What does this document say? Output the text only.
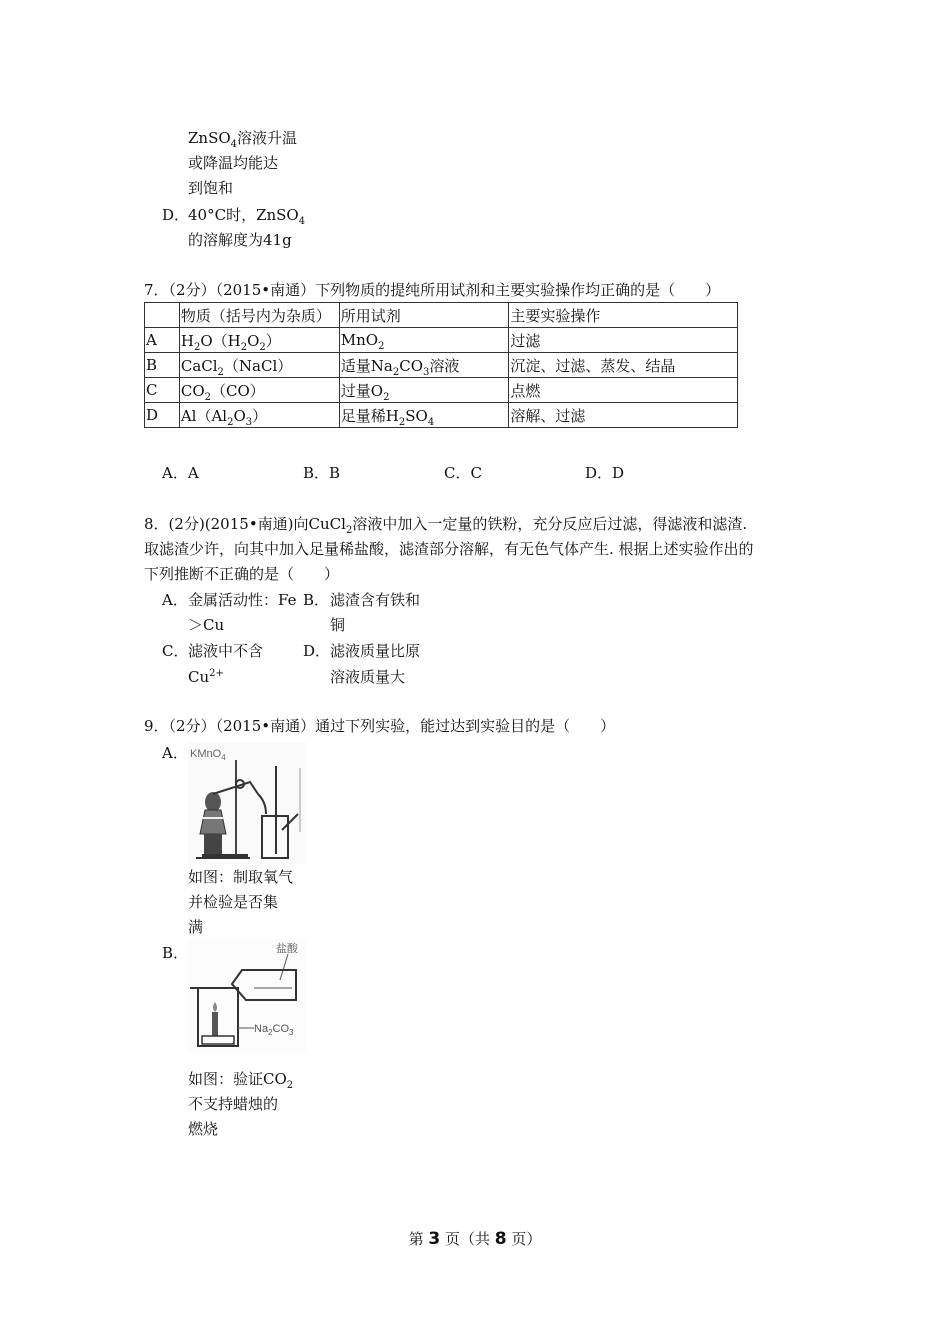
ZnSO$_4$溶液升温
或降温均能达
到饱和
D．
40°C时，ZnSO$_4$
的溶解度为41g
7．（2分）（2015•南通）下列物质的提纯所用试剂和主要实验操作均正确的是（　　）
	物质（括号内为杂质）	所用试剂	主要实验操作
A	$H_2O(H_2O_2)$	MnO$_2$	过滤
B	CaCl$_2$（NaCl）	适量$Na_2CO_3$溶液	沉淀、过滤、蒸发、结晶
C	$CO_2(CO)$	过量$O_2$	点燃
D	$Al(Al_2O_3)$	足量稀$H_2SO_4$	溶解、过滤
A．A	B．B	C．C	D．D
8．(2分)(2015•南通)向CuCl$_2$溶液中加入一定量的铁粉，充分反应后过滤，得滤液和滤渣.
取滤渣少许，向其中加入足量稀盐酸，滤渣部分溶解，有无色气体产生. 根据上述实验作出的
下列推断不正确的是（　　）
A． 金属活动性：Fe
＞Cu
B． 滤渣含有铁和
铜
C． 滤液中不含
$Cu^{2+}$
D． 滤液质量比原
溶液质量大
9．（2分）（2015•南通）通过下列实验，能过达到实验目的是（　　）
A． KMnO$_4$
如图：制取氧气
并检验是否集
满
B．	盐酸
$Na_2CO_3$
如图：验证$CO_2$
不支持蜡烛的
燃烧
第 3 页（共 8 页）
